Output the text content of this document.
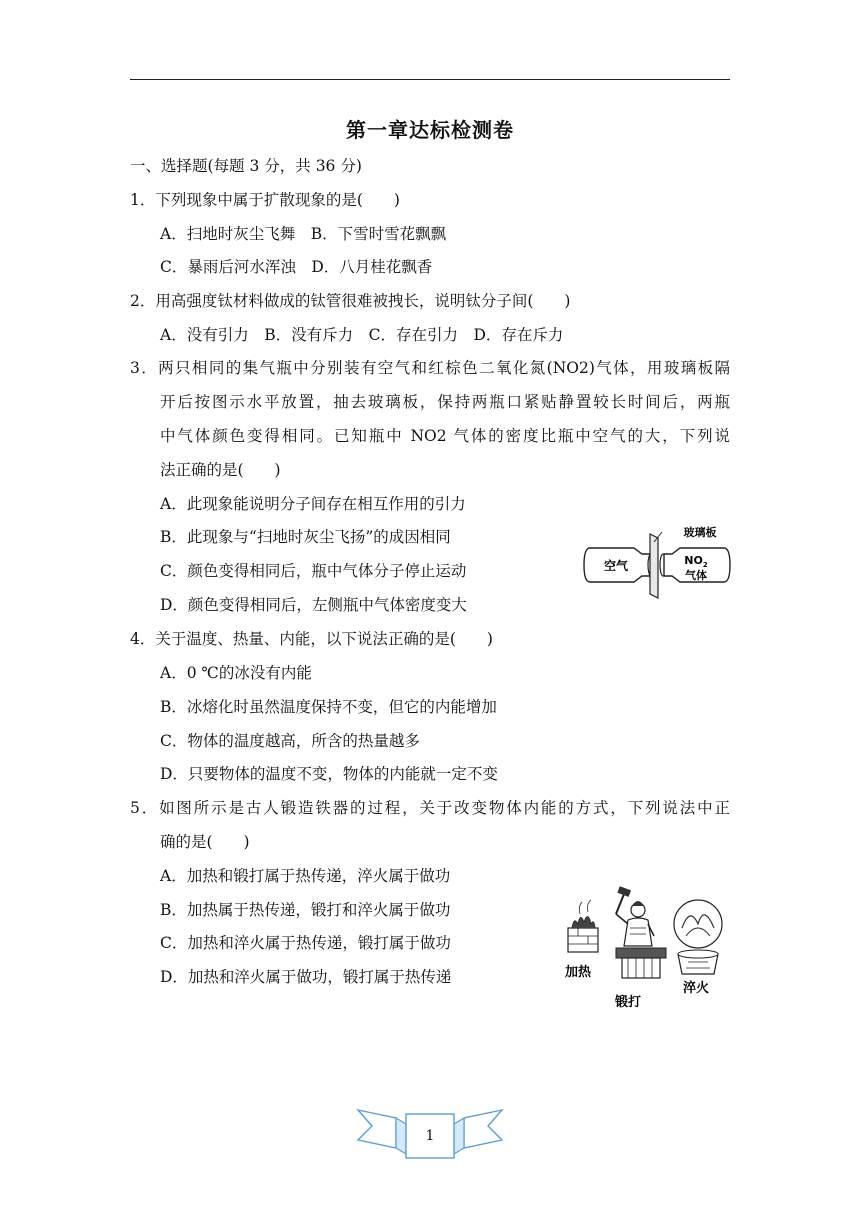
第一章达标检测卷
一、选择题(每题 3 分，共 36 分)
1．下列现象中属于扩散现象的是(　　)
A．扫地时灰尘飞舞　B．下雪时雪花飘飘
C．暴雨后河水浑浊　D．八月桂花飘香
2．用高强度钛材料做成的钛管很难被拽长，说明钛分子间(　　)
A．没有引力　B．没有斥力　C．存在引力　D．存在斥力
3．两只相同的集气瓶中分别装有空气和红棕色二氧化氮(NO2)气体，用玻璃板隔
开后按图示水平放置，抽去玻璃板，保持两瓶口紧贴静置较长时间后，两瓶
中气体颜色变得相同。已知瓶中 NO2 气体的密度比瓶中空气的大，下列说
法正确的是(　　)
A．此现象能说明分子间存在相互作用的引力
B．此现象与“扫地时灰尘飞扬”的成因相同
C．颜色变得相同后，瓶中气体分子停止运动
D．颜色变得相同后，左侧瓶中气体密度变大
空气	$NO_2$
气体
玻璃板
4．关于温度、热量、内能，以下说法正确的是(　　)
A．0 ℃的冰没有内能
B．冰熔化时虽然温度保持不变，但它的内能增加
C．物体的温度越高，所含的热量越多
D．只要物体的温度不变，物体的内能就一定不变
5．如图所示是古人锻造铁器的过程，关于改变物体内能的方式，下列说法中正
确的是(　　)
A．加热和锻打属于热传递，淬火属于做功
B．加热属于热传递，锻打和淬火属于做功
C．加热和淬火属于热传递，锻打属于做功
D．加热和淬火属于做功，锻打属于热传递	加热
锻打
淬火
1
